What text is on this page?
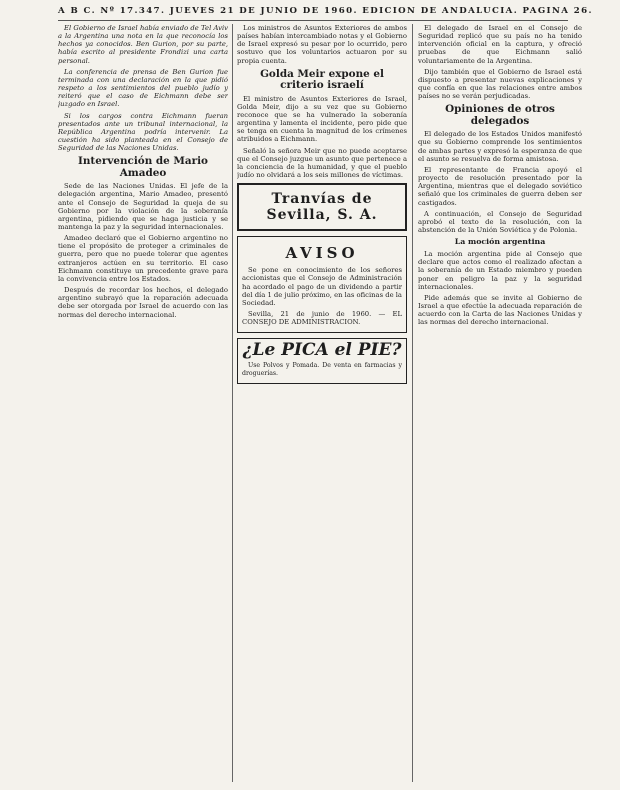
A B C. Nº 17.347. JUEVES 21 DE JUNIO DE 1960. EDICION DE ANDALUCIA. PAGINA 26.

El Gobierno de Israel había enviado de Tel Aviv a la Argentina una nota en la que reconocía los hechos ya conocidos. Ben Gurion, por su parte, había escrito al presidente Frondizi una carta personal.

La conferencia de prensa de Ben Gurion fue terminada con una declaración en la que pidió respeto a los sentimientos del pueblo judío y reiteró que el caso de Eichmann debe ser juzgado en Israel.

Si los cargos contra Eichmann fueran presentados ante un tribunal internacional, la República Argentina podría intervenir. La cuestión ha sido planteada en el Consejo de Seguridad de las Naciones Unidas.

Intervención de Mario Amadeo

Sede de las Naciones Unidas. El jefe de la delegación argentina, Mario Amadeo, presentó ante el Consejo de Seguridad la queja de su Gobierno por la violación de la soberanía argentina, pidiendo que se haga justicia y se mantenga la paz y la seguridad internacionales.

Amadeo declaró que el Gobierno argentino no tiene el propósito de proteger a criminales de guerra, pero que no puede tolerar que agentes extranjeros actúen en su territorio. El caso Eichmann constituye un precedente grave para la convivencia entre los Estados.

Después de recordar los hechos, el delegado argentino subrayó que la reparación adecuada debe ser otorgada por Israel de acuerdo con las normas del derecho internacional.

Los ministros de Asuntos Exteriores de ambos países habían intercambiado notas y el Gobierno de Israel expresó su pesar por lo ocurrido, pero sostuvo que los voluntarios actuaron por su propia cuenta.

Golda Meir expone el criterio israelí

El ministro de Asuntos Exteriores de Israel, Golda Meir, dijo a su vez que su Gobierno reconoce que se ha vulnerado la soberanía argentina y lamenta el incidente, pero pide que se tenga en cuenta la magnitud de los crímenes atribuidos a Eichmann.

Señaló la señora Meir que no puede aceptarse que el Consejo juzgue un asunto que pertenece a la conciencia de la humanidad, y que el pueblo judío no olvidará a los seis millones de víctimas.

Tranvías de Sevilla, S. A.
AVISO

Se pone en conocimiento de los señores accionistas que el Consejo de Administración ha acordado el pago de un dividendo a partir del día 1 de julio próximo, en las oficinas de la Sociedad.

Sevilla, 21 de junio de 1960. — EL CONSEJO DE ADMINISTRACION.

¿Le PICA el PIE?

Use Polvos y Pomada. De venta en farmacias y droguerías.

El delegado de Israel en el Consejo de Seguridad replicó que su país no ha tenido intervención oficial en la captura, y ofreció pruebas de que Eichmann salió voluntariamente de la Argentina.

Dijo también que el Gobierno de Israel está dispuesto a presentar nuevas explicaciones y que confía en que las relaciones entre ambos países no se verán perjudicadas.

Opiniones de otros delegados

El delegado de los Estados Unidos manifestó que su Gobierno comprende los sentimientos de ambas partes y expresó la esperanza de que el asunto se resuelva de forma amistosa.

El representante de Francia apoyó el proyecto de resolución presentado por la Argentina, mientras que el delegado soviético señaló que los criminales de guerra deben ser castigados.

A continuación, el Consejo de Seguridad aprobó el texto de la resolución, con la abstención de la Unión Soviética y de Polonia.

La moción argentina

La moción argentina pide al Consejo que declare que actos como el realizado afectan a la soberanía de un Estado miembro y pueden poner en peligro la paz y la seguridad internacionales.

Pide además que se invite al Gobierno de Israel a que efectúe la adecuada reparación de acuerdo con la Carta de las Naciones Unidas y las normas del derecho internacional.
